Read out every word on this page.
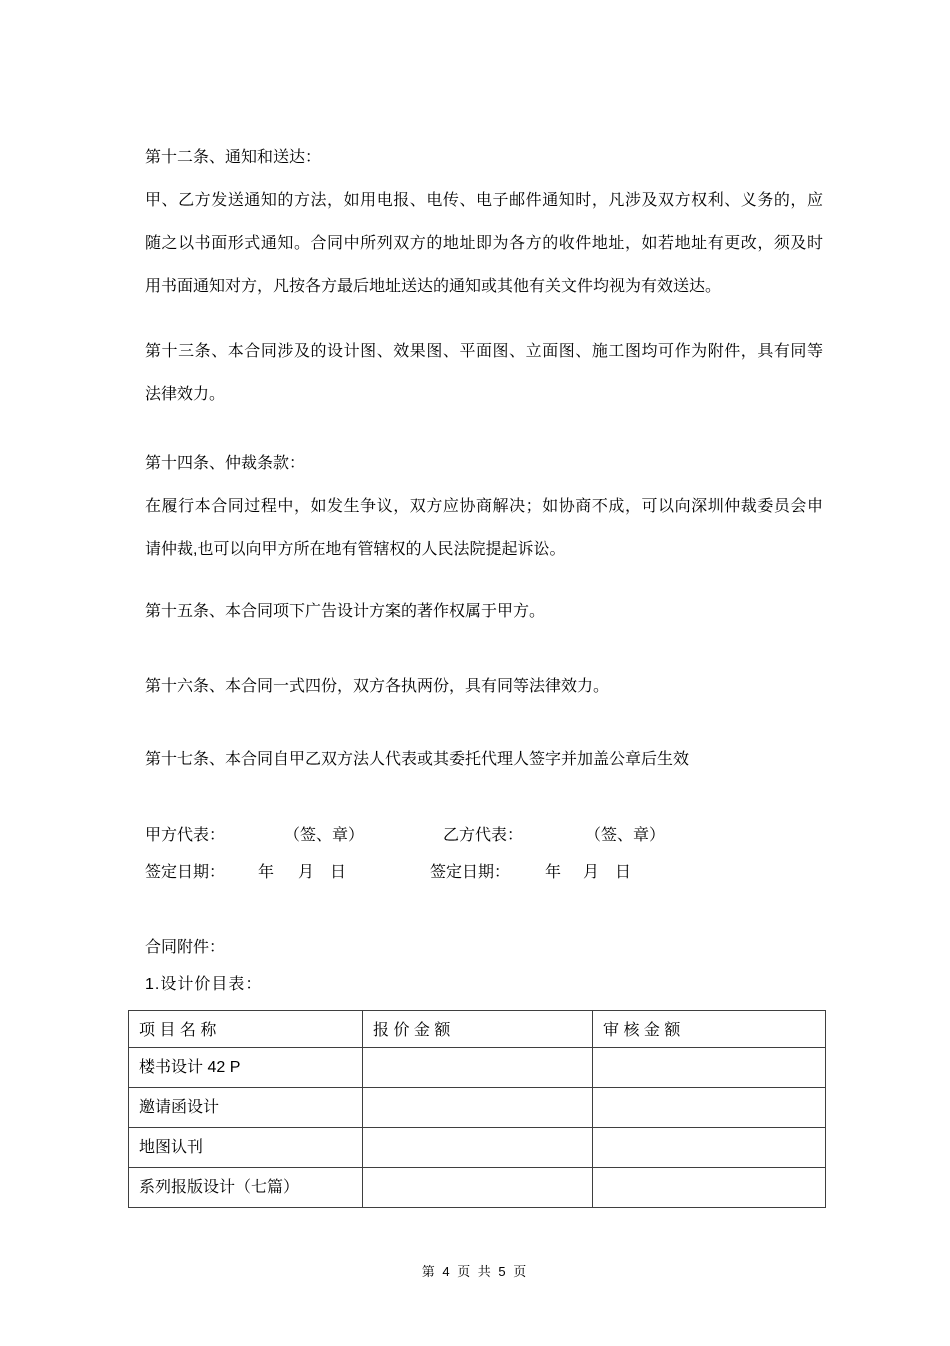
第十二条、通知和送达：
甲、乙方发送通知的方法，如用电报、电传、电子邮件通知时，凡涉及双方权利、义务的，应
随之以书面形式通知。合同中所列双方的地址即为各方的收件地址，如若地址有更改，须及时
用书面通知对方，凡按各方最后地址送达的通知或其他有关文件均视为有效送达。
第十三条、本合同涉及的设计图、效果图、平面图、立面图、施工图均可作为附件，具有同等
法律效力。
第十四条、仲裁条款：
在履行本合同过程中，如发生争议，双方应协商解决；如协商不成，可以向深圳仲裁委员会申
请仲裁,也可以向甲方所在地有管辖权的人民法院提起诉讼。
第十五条、本合同项下广告设计方案的著作权属于甲方。
第十六条、本合同一式四份，双方各执两份，具有同等法律效力。
第十七条、本合同自甲乙双方法人代表或其委托代理人签字并加盖公章后生效
甲方代表：	（签、章）	乙方代表：	（签、章）
签定日期： 年 月 日	签定日期： 年 月 日
合同附件：
1.设计价目表：
项 目 名 称	报 价 金 额	审 核 金 额
楼书设计 42 P		
邀请函设计		
地图认刊		
系列报版设计（七篇）		
第 4 页 共 5 页
